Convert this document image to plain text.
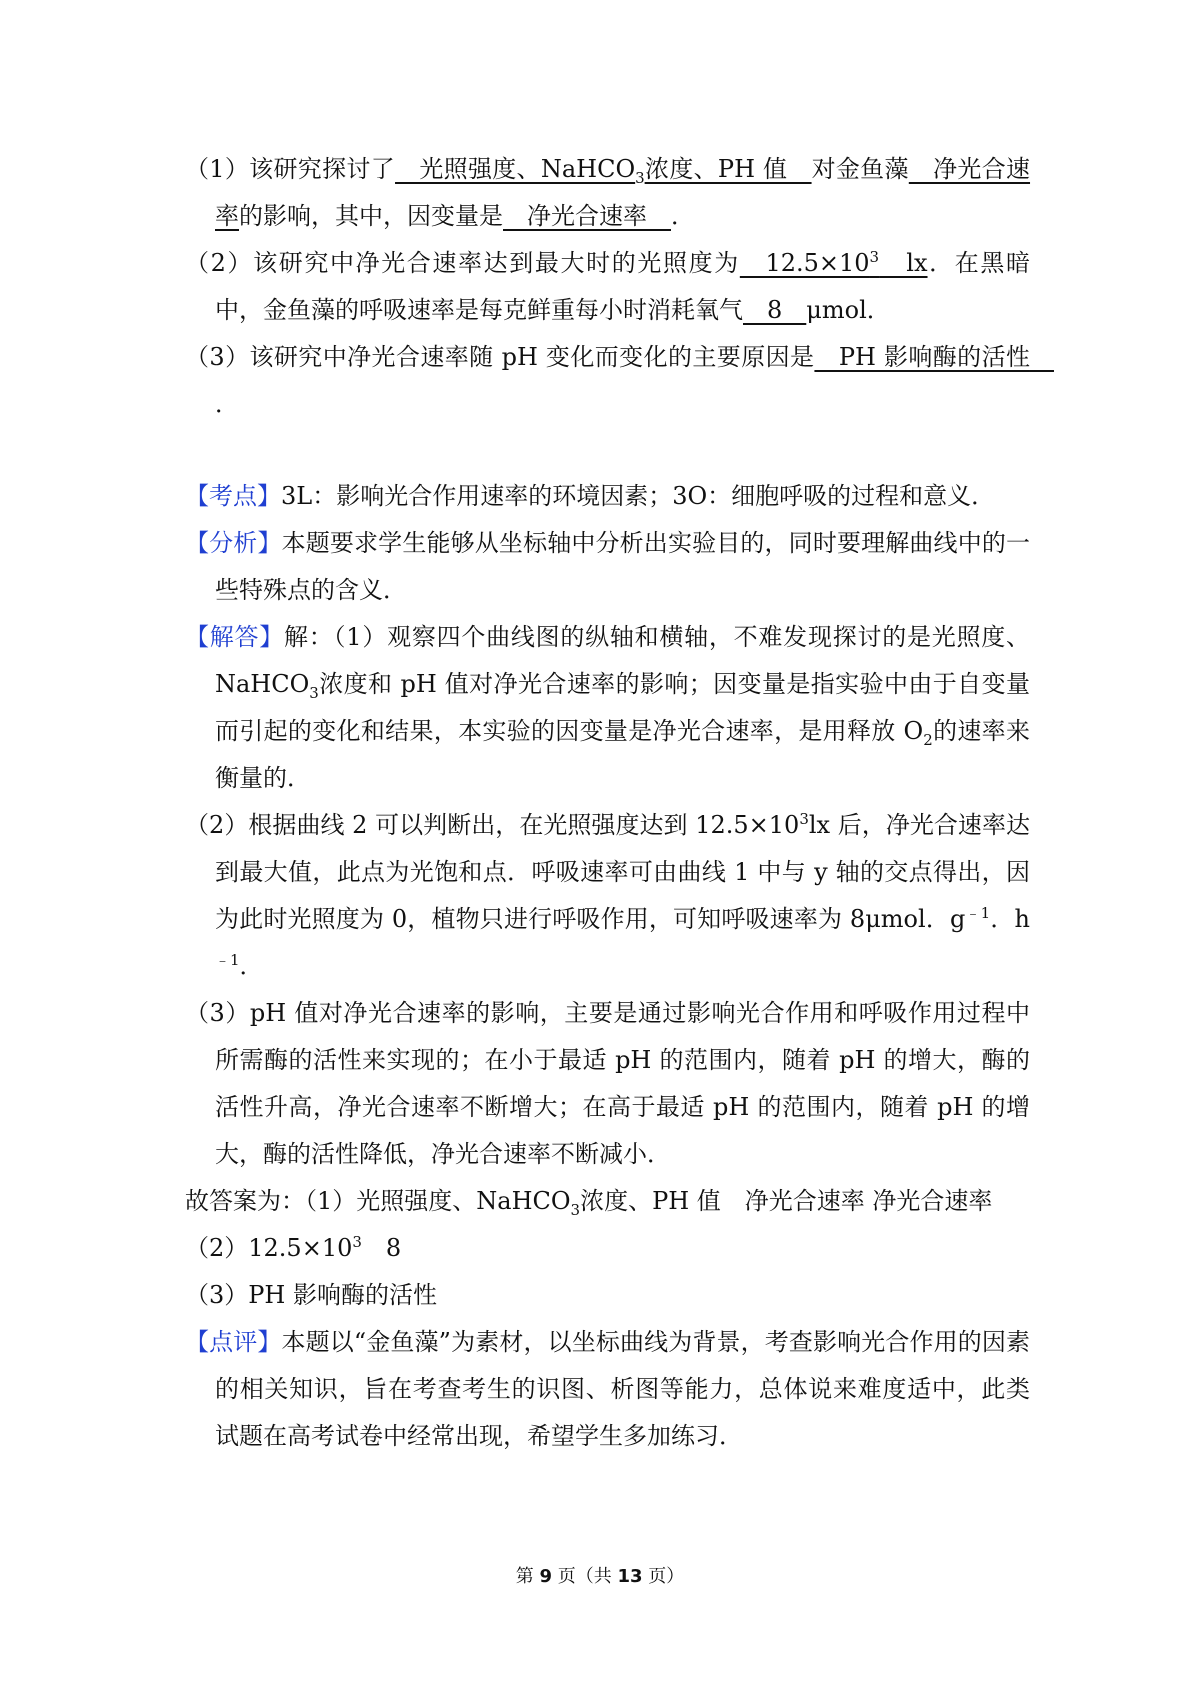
（1）该研究探讨了　光照强度、NaHCO$_3$浓度、PH 值　对金鱼藻　净光合速率的影响，其中，因变量是　净光合速率　．
（2）该研究中净光合速率达到最大时的光照度为　$12.5\times 10^3$　lx．在黑暗中，金鱼藻的呼吸速率是每克鲜重每小时消耗氧气　8　μmol．
（3）该研究中净光合速率随 pH 变化而变化的主要原因是　PH 影响酶的活性　．
【考点】3L：影响光合作用速率的环境因素；3O：细胞呼吸的过程和意义．
【分析】本题要求学生能够从坐标轴中分析出实验目的，同时要理解曲线中的一些特殊点的含义．
【解答】解：（1）观察四个曲线图的纵轴和横轴，不难发现探讨的是光照度、NaHCO$_3$浓度和 pH 值对净光合速率的影响；因变量是指实验中由于自变量而引起的变化和结果，本实验的因变量是净光合速率，是用释放 $O_2$的速率来衡量的．
（2）根据曲线 2 可以判断出，在光照强度达到 $12.5\times 10^3lx$ 后，净光合速率达到最大值，此点为光饱和点．呼吸速率可由曲线 1 中与 y 轴的交点得出，因为此时光照度为 0，植物只进行呼吸作用，可知呼吸速率为 8μmol．$g^{﹣1}$．$h^{﹣1}$．
（3）pH 值对净光合速率的影响，主要是通过影响光合作用和呼吸作用过程中所需酶的活性来实现的；在小于最适 pH 的范围内，随着 pH 的增大，酶的活性升高，净光合速率不断增大；在高于最适 pH 的范围内，随着 pH 的增大，酶的活性降低，净光合速率不断减小．
故答案为：（1）光照强度、NaHCO$_3$浓度、PH 值　净光合速率 净光合速率
$(2)12.5\times 10^3$　8
（3）PH 影响酶的活性
【点评】本题以“金鱼藻”为素材，以坐标曲线为背景，考查影响光合作用的因素的相关知识，旨在考查考生的识图、析图等能力，总体说来难度适中，此类试题在高考试卷中经常出现，希望学生多加练习．
第 9 页（共 13 页）
